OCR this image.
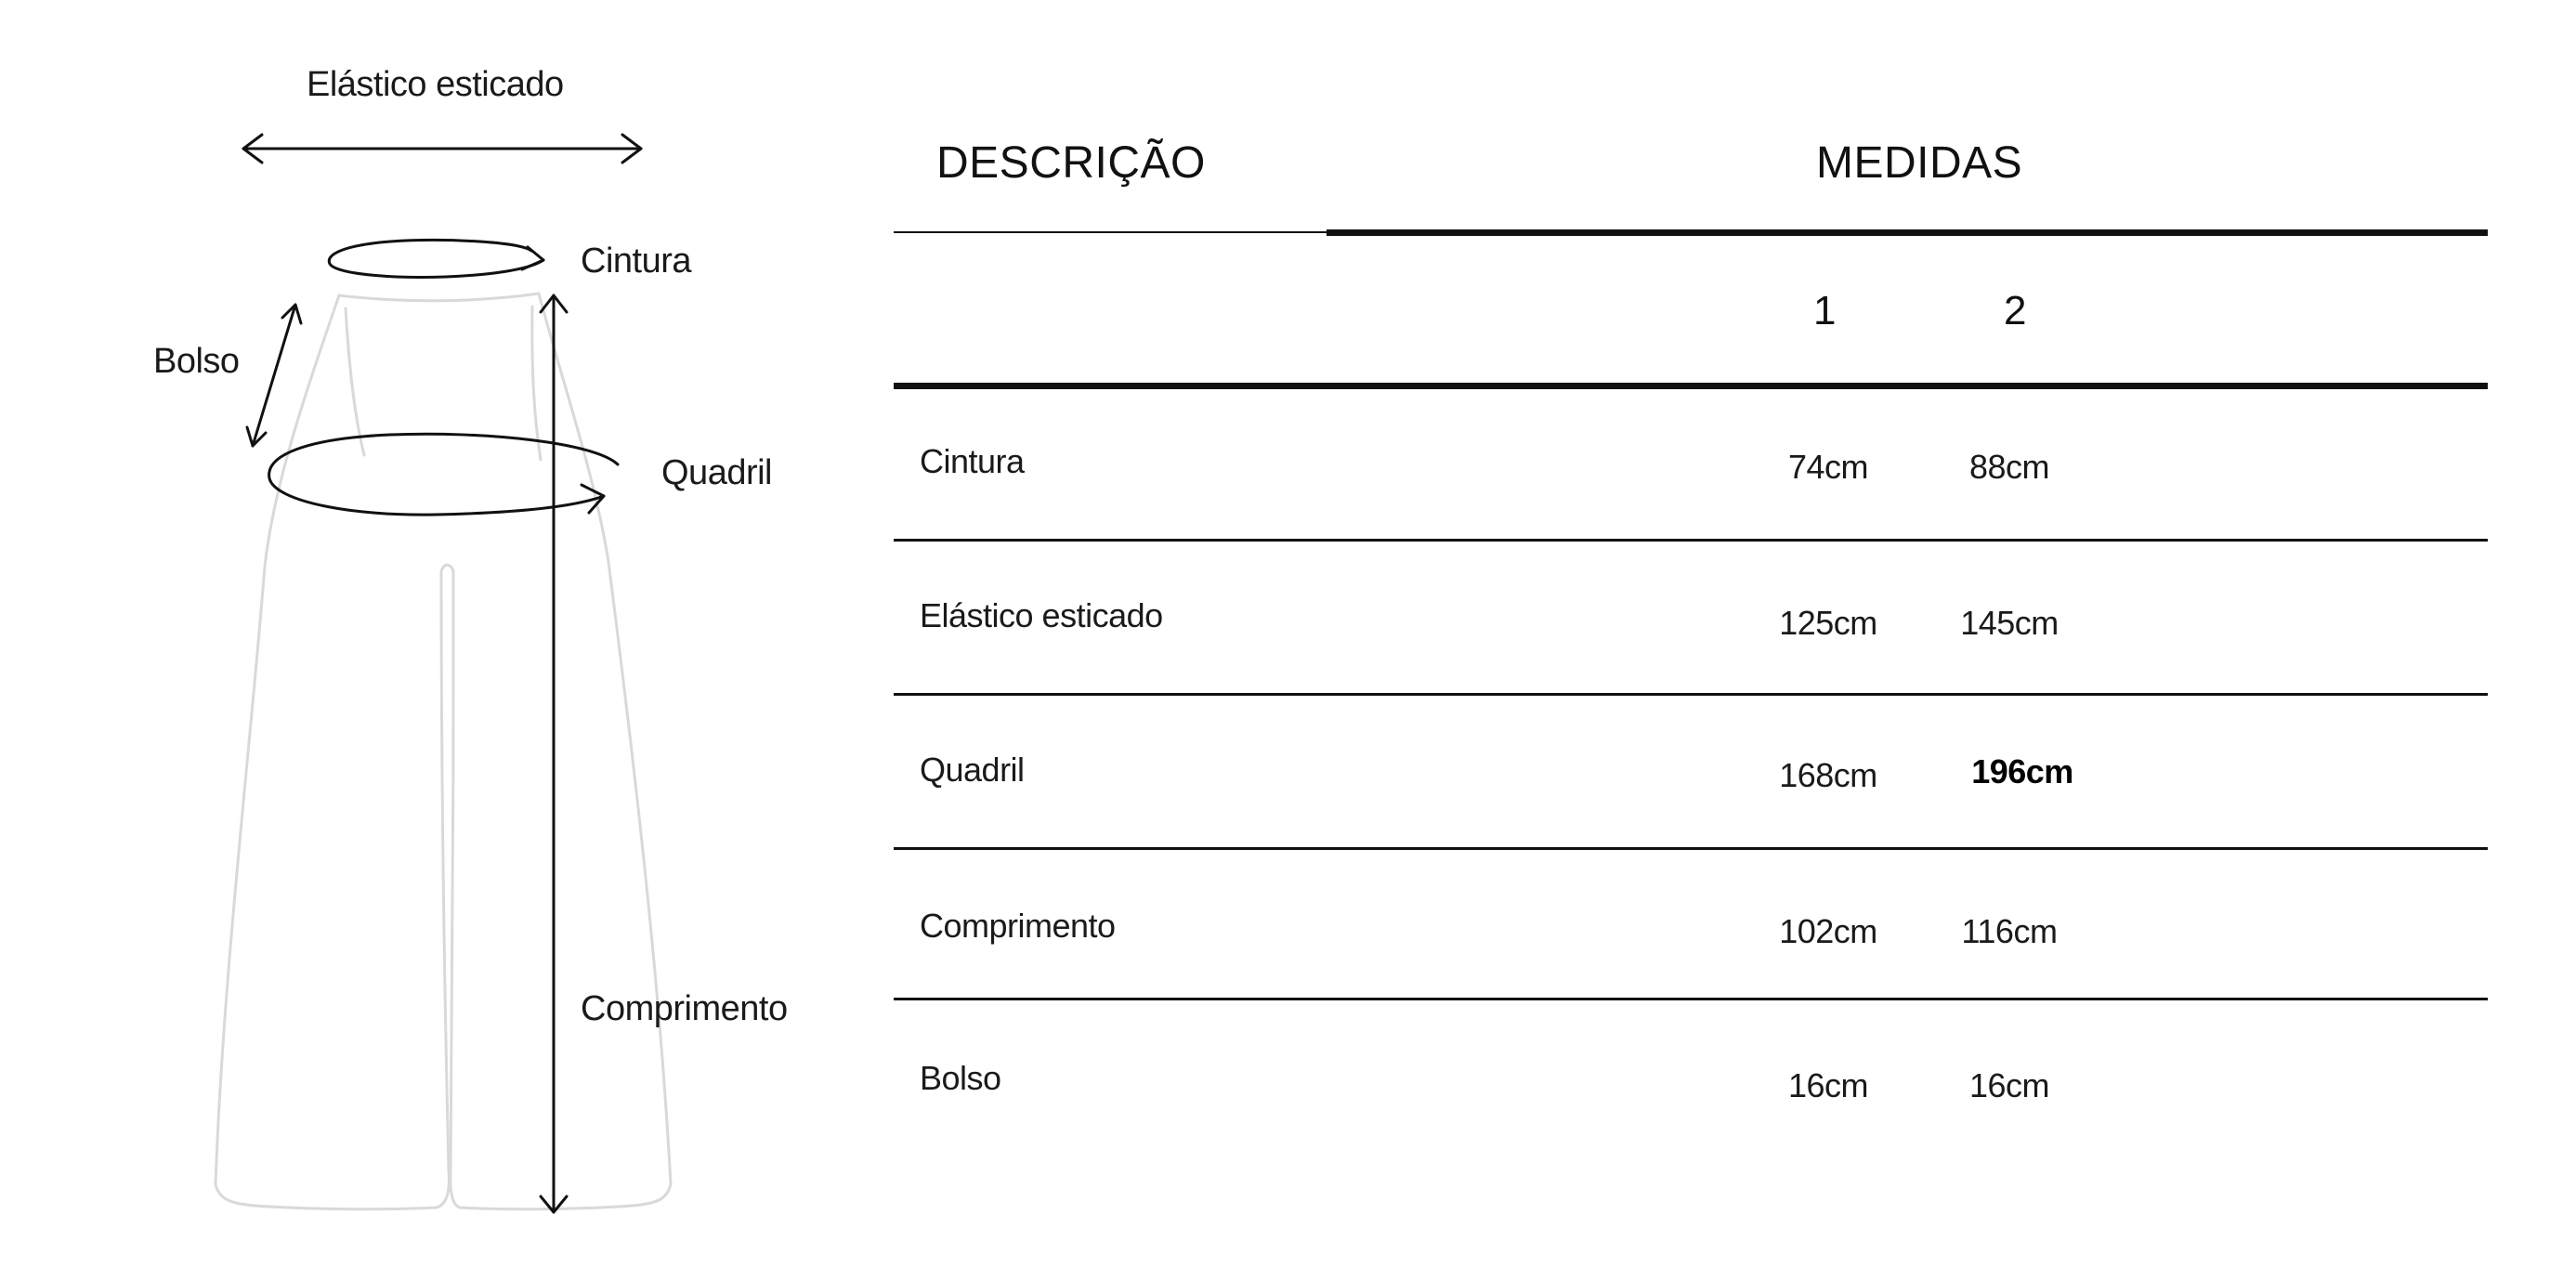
Elástico esticado
Cintura
Bolso
Quadril
Comprimento
DESCRIÇÃO	MEDIDAS
1	2
Cintura	74cm	88cm
Elástico esticado	125cm 145cm
Quadril	168cm	196cm
Comprimento	102cm	116cm
Bolso	16cm	16cm
